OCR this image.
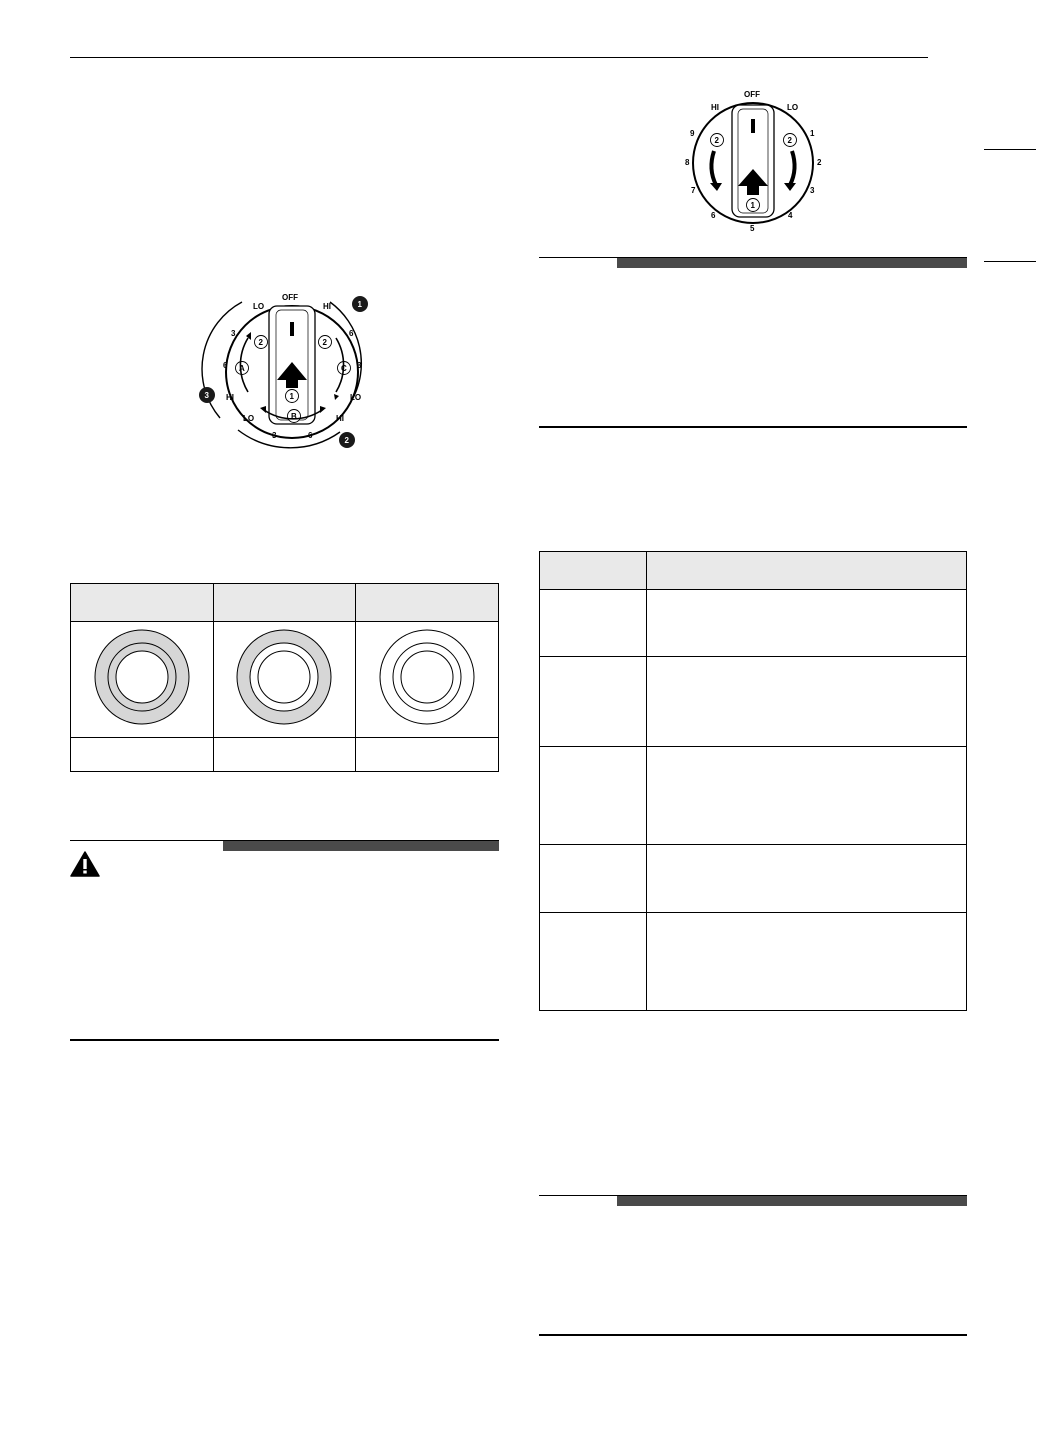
1
2	2
A
B
C
OFF
LO	HI
3
6
HI
6
3
LO
LO
3	6
HI
1
2
3

1
2	2
OFF
HI	LO
9
8
7
6
5
4
3
2
1
